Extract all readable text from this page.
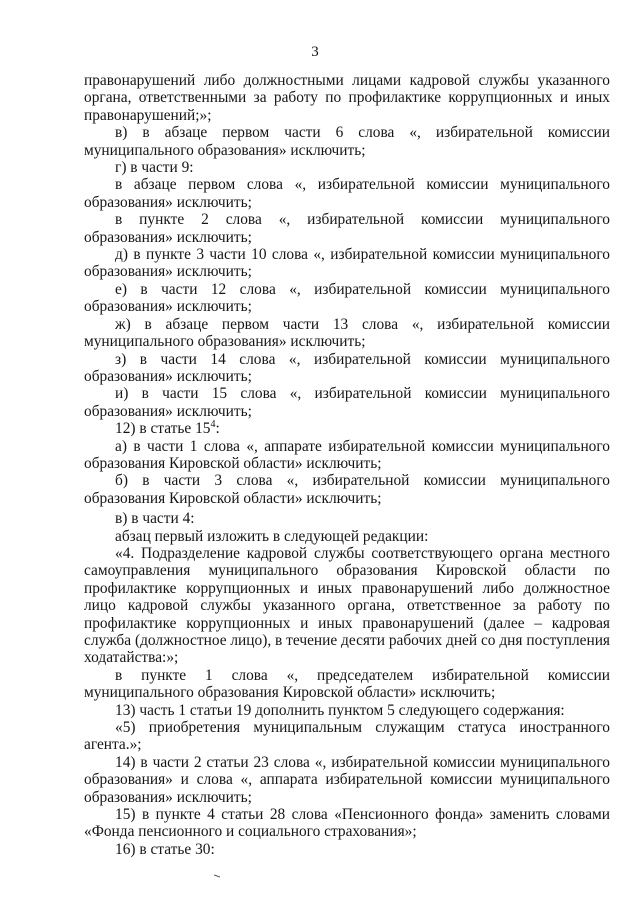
3

правонарушений либо должностными лицами кадровой службы указанного органа, ответственными за работу по профилактике коррупционных и иных правонарушений;»;

в) в абзаце первом части 6 слова «, избирательной комиссии муниципального образования» исключить;

г) в части 9:

в абзаце первом слова «, избирательной комиссии муниципального образования» исключить;

в пункте 2 слова «, избирательной комиссии муниципального образования» исключить;

д) в пункте 3 части 10 слова «, избирательной комиссии муниципального образования» исключить;

е) в части 12 слова «, избирательной комиссии муниципального образования» исключить;

ж) в абзаце первом части 13 слова «, избирательной комиссии муниципального образования» исключить;

з) в части 14 слова «, избирательной комиссии муниципального образования» исключить;

и) в части 15 слова «, избирательной комиссии муниципального образования» исключить;

12) в статье $15^4$:

а) в части 1 слова «, аппарате избирательной комиссии муниципального образования Кировской области» исключить;

б) в части 3 слова «, избирательной комиссии муниципального образования Кировской области» исключить;

в) в части 4:

абзац первый изложить в следующей редакции:

«4. Подразделение кадровой службы соответствующего органа местного самоуправления муниципального образования Кировской области по профилактике коррупционных и иных правонарушений либо должностное лицо кадровой службы указанного органа, ответственное за работу по профилактике коррупционных и иных правонарушений (далее – кадровая служба (должностное лицо), в течение десяти рабочих дней со дня поступления ходатайства:»;

в пункте 1 слова «, председателем избирательной комиссии муниципального образования Кировской области» исключить;

13) часть 1 статьи 19 дополнить пунктом 5 следующего содержания:

«5) приобретения муниципальным служащим статуса иностранного агента.»;

14) в части 2 статьи 23 слова «, избирательной комиссии муниципального образования» и слова «, аппарата избирательной комиссии муниципального образования» исключить;

15) в пункте 4 статьи 28 слова «Пенсионного фонда» заменить словами «Фонда пенсионного и социального страхования»;

16) в статье 30:
